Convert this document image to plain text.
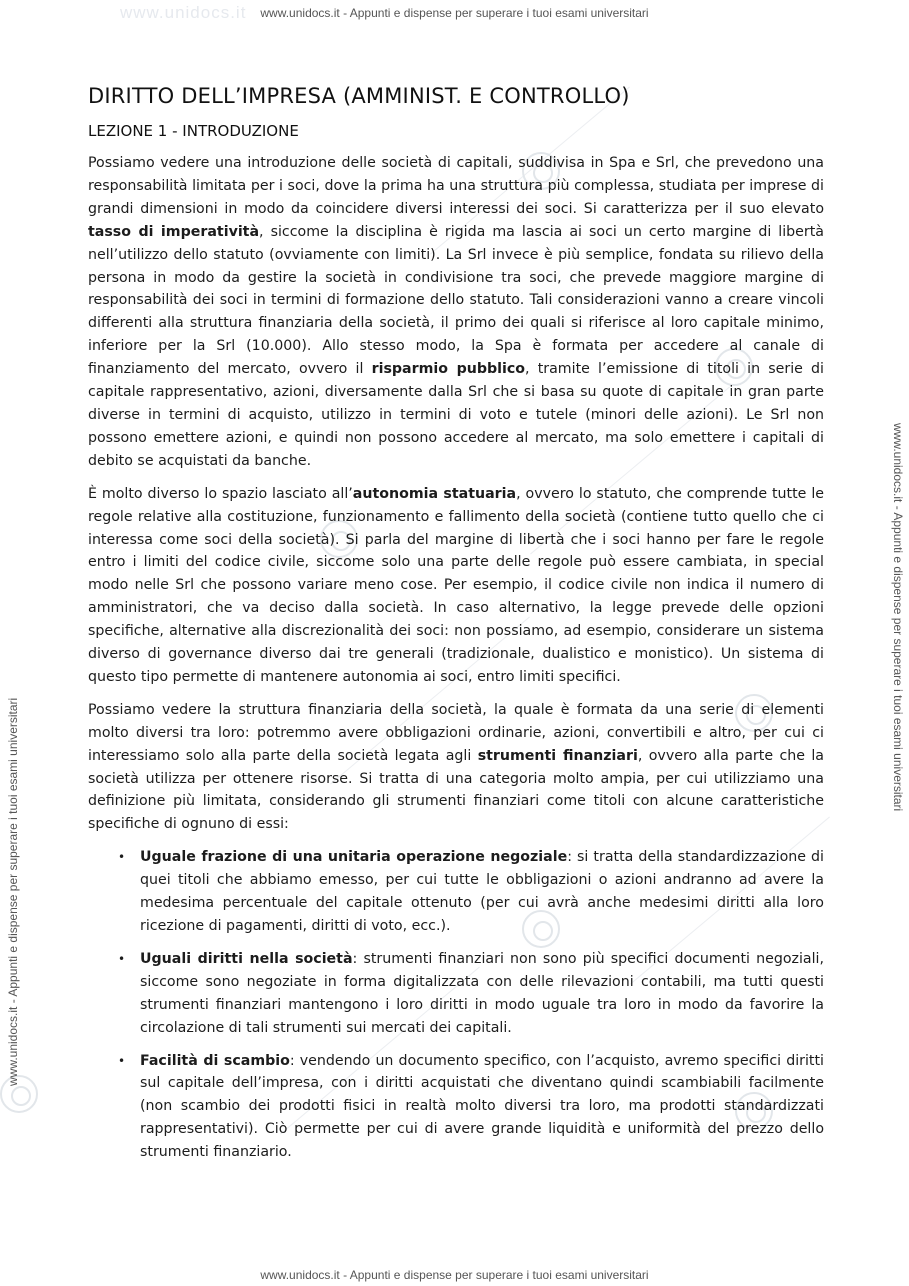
www.unidocs.it	www.unidocs.it - Appunti e dispense per superare i tuoi esami universitari
www.unidocs.it - Appunti e dispense per superare i tuoi esami universitari
www.unidocs.it - Appunti e dispense per superare i tuoi esami universitari
www.unidocs.it - Appunti e dispense per superare i tuoi esami universitari
DIRITTO DELL’IMPRESA (AMMINIST. E CONTROLLO)
LEZIONE 1 - INTRODUZIONE

Possiamo vedere una introduzione delle società di capitali, suddivisa in Spa e Srl, che prevedono una responsabilità limitata per i soci, dove la prima ha una struttura più complessa, studiata per imprese di grandi dimensioni in modo da coincidere diversi interessi dei soci. Si caratterizza per il suo elevato tasso di imperatività, siccome la disciplina è rigida ma lascia ai soci un certo margine di libertà nell’utilizzo dello statuto (ovviamente con limiti). La Srl invece è più semplice, fondata su rilievo della persona in modo da gestire la società in condivisione tra soci, che prevede maggiore margine di responsabilità dei soci in termini di formazione dello statuto. Tali considerazioni vanno a creare vincoli differenti alla struttura finanziaria della società, il primo dei quali si riferisce al loro capitale minimo, inferiore per la Srl (10.000). Allo stesso modo, la Spa è formata per accedere al canale di finanziamento del mercato, ovvero il risparmio pubblico, tramite l’emissione di titoli in serie di capitale rappresentativo, azioni, diversamente dalla Srl che si basa su quote di capitale in gran parte diverse in termini di acquisto, utilizzo in termini di voto e tutele (minori delle azioni). Le Srl non possono emettere azioni, e quindi non possono accedere al mercato, ma solo emettere i capitali di debito se acquistati da banche.

È molto diverso lo spazio lasciato all’autonomia statuaria, ovvero lo statuto, che comprende tutte le regole relative alla costituzione, funzionamento e fallimento della società (contiene tutto quello che ci interessa come soci della società). Si parla del margine di libertà che i soci hanno per fare le regole entro i limiti del codice civile, siccome solo una parte delle regole può essere cambiata, in special modo nelle Srl che possono variare meno cose. Per esempio, il codice civile non indica il numero di amministratori, che va deciso dalla società. In caso alternativo, la legge prevede delle opzioni specifiche, alternative alla discrezionalità dei soci: non possiamo, ad esempio, considerare un sistema diverso di governance diverso dai tre generali (tradizionale, dualistico e monistico). Un sistema di questo tipo permette di mantenere autonomia ai soci, entro limiti specifici.

Possiamo vedere la struttura finanziaria della società, la quale è formata da una serie di elementi molto diversi tra loro: potremmo avere obbligazioni ordinarie, azioni, convertibili e altro, per cui ci interessiamo solo alla parte della società legata agli strumenti finanziari, ovvero alla parte che la società utilizza per ottenere risorse. Si tratta di una categoria molto ampia, per cui utilizziamo una definizione più limitata, considerando gli strumenti finanziari come titoli con alcune caratteristiche specifiche di ognuno di essi:

• Uguale frazione di una unitaria operazione negoziale: si tratta della standardizzazione di quei titoli che abbiamo emesso, per cui tutte le obbligazioni o azioni andranno ad avere la medesima percentuale del capitale ottenuto (per cui avrà anche medesimi diritti alla loro ricezione di pagamenti, diritti di voto, ecc.).
• Uguali diritti nella società: strumenti finanziari non sono più specifici documenti negoziali, siccome sono negoziate in forma digitalizzata con delle rilevazioni contabili, ma tutti questi strumenti finanziari mantengono i loro diritti in modo uguale tra loro in modo da favorire la circolazione di tali strumenti sui mercati dei capitali.
• Facilità di scambio: vendendo un documento specifico, con l’acquisto, avremo specifici diritti sul capitale dell’impresa, con i diritti acquistati che diventano quindi scambiabili facilmente (non scambio dei prodotti fisici in realtà molto diversi tra loro, ma prodotti standardizzati rappresentativi). Ciò permette per cui di avere grande liquidità e uniformità del prezzo dello strumenti finanziario.
